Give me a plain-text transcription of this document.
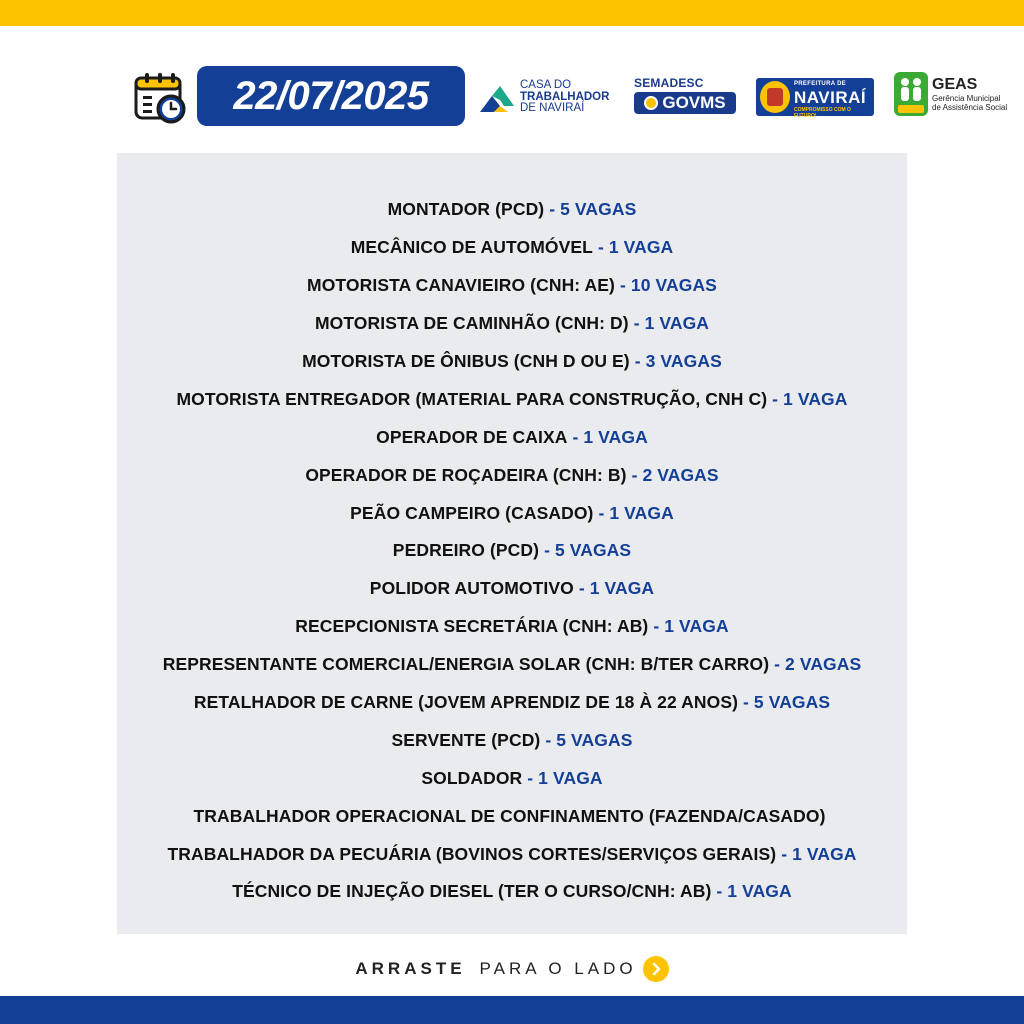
22/07/2025	CASA DO
TRABALHADOR
DE NAVIRAÍ
SEMADESC
GOVMS
PREFEITURA DE
NAVIRAÍ
COMPROMISSO COM O FUTURO!
GEAS
Gerência Municipal
de Assistência Social
MONTADOR (PCD) - 5 VAGAS
MECÂNICO DE AUTOMÓVEL - 1 VAGA
MOTORISTA CANAVIEIRO (CNH: AE) - 10 VAGAS
MOTORISTA DE CAMINHÃO (CNH: D) - 1 VAGA
MOTORISTA DE ÔNIBUS (CNH D OU E) - 3 VAGAS
MOTORISTA ENTREGADOR (MATERIAL PARA CONSTRUÇÃO, CNH C) - 1 VAGA
OPERADOR DE CAIXA - 1 VAGA
OPERADOR DE ROÇADEIRA (CNH: B) - 2 VAGAS
PEÃO CAMPEIRO (CASADO) - 1 VAGA
PEDREIRO (PCD) - 5 VAGAS
POLIDOR AUTOMOTIVO - 1 VAGA
RECEPCIONISTA SECRETÁRIA (CNH: AB) - 1 VAGA
REPRESENTANTE COMERCIAL/ENERGIA SOLAR (CNH: B/TER CARRO) - 2 VAGAS
RETALHADOR DE CARNE (JOVEM APRENDIZ DE 18 À 22 ANOS) - 5 VAGAS
SERVENTE (PCD) - 5 VAGAS
SOLDADOR - 1 VAGA
TRABALHADOR OPERACIONAL DE CONFINAMENTO (FAZENDA/CASADO)
TRABALHADOR DA PECUÁRIA (BOVINOS CORTES/SERVIÇOS GERAIS) - 1 VAGA
TÉCNICO DE INJEÇÃO DIESEL (TER O CURSO/CNH: AB) - 1 VAGA
ARRASTE PARA O LADO
